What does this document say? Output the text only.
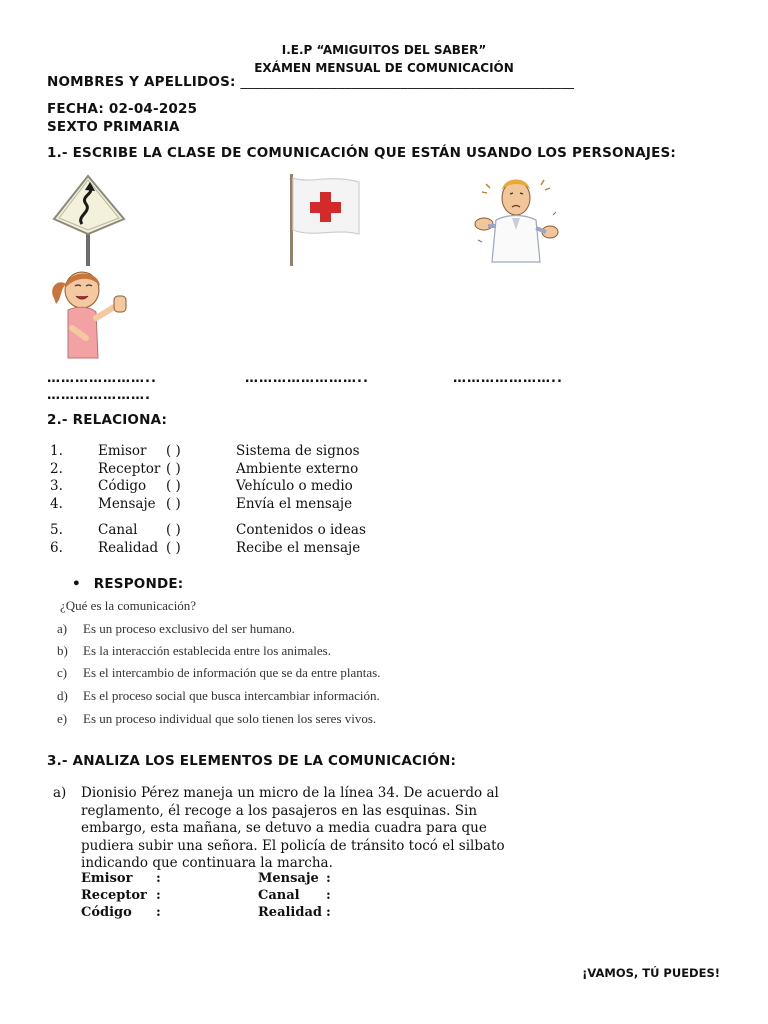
I.E.P “AMIGUITOS DEL SABER”
EXÁMEN MENSUAL DE COMUNICACIÓN
NOMBRES Y APELLIDOS: ________________________________________________
FECHA: 02-04-2025
SEXTO PRIMARIA
1.- ESCRIBE LA CLASE DE COMUNICACIÓN QUE ESTÁN USANDO LOS PERSONAJES:
…………………..	……………………..	…………………..
………………….
2.- RELACIONA:
1.	Emisor ( )	Sistema de signos
2.	Receptor ( )	Ambiente externo
3.	Código ( )	Vehículo o medio
4.	Mensaje ( )	Envía el mensaje
5.	Canal ( )	Contenidos o ideas
6.	Realidad ( )	Recibe el mensaje
• RESPONDE:
¿Qué es la comunicación?
a) Es un proceso exclusivo del ser humano.
b) Es la interacción establecida entre los animales.
c) Es el intercambio de información que se da entre plantas.
d) Es el proceso social que busca intercambiar información.
e) Es un proceso individual que solo tienen los seres vivos.
3.- ANALIZA LOS ELEMENTOS DE LA COMUNICACIÓN:
a) Dionisio Pérez maneja un micro de la línea 34. De acuerdo al
reglamento, él recoge a los pasajeros en las esquinas. Sin
embargo, esta mañana, se detuvo a media cuadra para que
pudiera subir una señora. El policía de tránsito tocó el silbato
indicando que continuara la marcha.
Emisor :	Mensaje :
Receptor :	Canal :
Código :	Realidad :
¡VAMOS, TÚ PUEDES!
